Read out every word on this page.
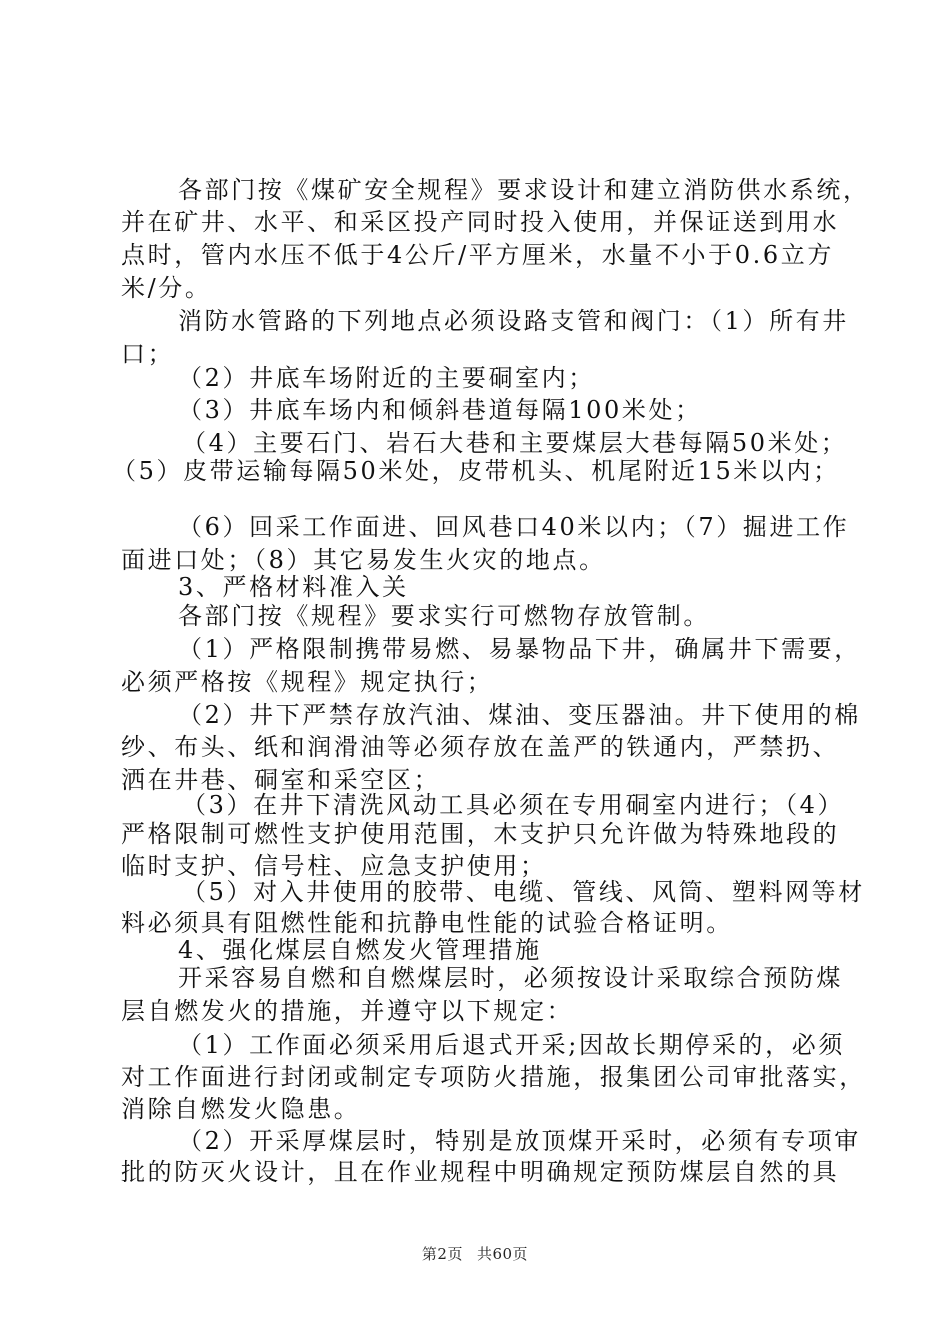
各部门按《煤矿安全规程》要求设计和建立消防供水系统，
并在矿井、水平、和采区投产同时投入使用，并保证送到用水
点时，管内水压不低于4公斤/平方厘米，水量不小于0.6立方
米/分。
消防水管路的下列地点必须设路支管和阀门：（1）所有井
口；
（2）井底车场附近的主要硐室内；
（3）井底车场内和倾斜巷道每隔100米处；
（4）主要石门、岩石大巷和主要煤层大巷每隔50米处；
（5）皮带运输每隔50米处，皮带机头、机尾附近15米以内；
（6）回采工作面进、回风巷口40米以内；（7）掘进工作
面进口处；（8）其它易发生火灾的地点。
3、严格材料准入关
各部门按《规程》要求实行可燃物存放管制。
（1）严格限制携带易燃、易暴物品下井，确属井下需要，
必须严格按《规程》规定执行；
（2）井下严禁存放汽油、煤油、变压器油。井下使用的棉
纱、布头、纸和润滑油等必须存放在盖严的铁通内，严禁扔、
洒在井巷、硐室和采空区；
（3）在井下清洗风动工具必须在专用硐室内进行；（4）
严格限制可燃性支护使用范围，木支护只允许做为特殊地段的
临时支护、信号柱、应急支护使用；
（5）对入井使用的胶带、电缆、管线、风筒、塑料网等材
料必须具有阻燃性能和抗静电性能的试验合格证明。
4、强化煤层自燃发火管理措施
开采容易自燃和自燃煤层时，必须按设计采取综合预防煤
层自燃发火的措施，并遵守以下规定：
（1）工作面必须采用后退式开采;因故长期停采的，必须
对工作面进行封闭或制定专项防火措施，报集团公司审批落实，
消除自燃发火隐患。
（2）开采厚煤层时，特别是放顶煤开采时，必须有专项审
批的防灭火设计，且在作业规程中明确规定预防煤层自然的具
第2页 共60页
